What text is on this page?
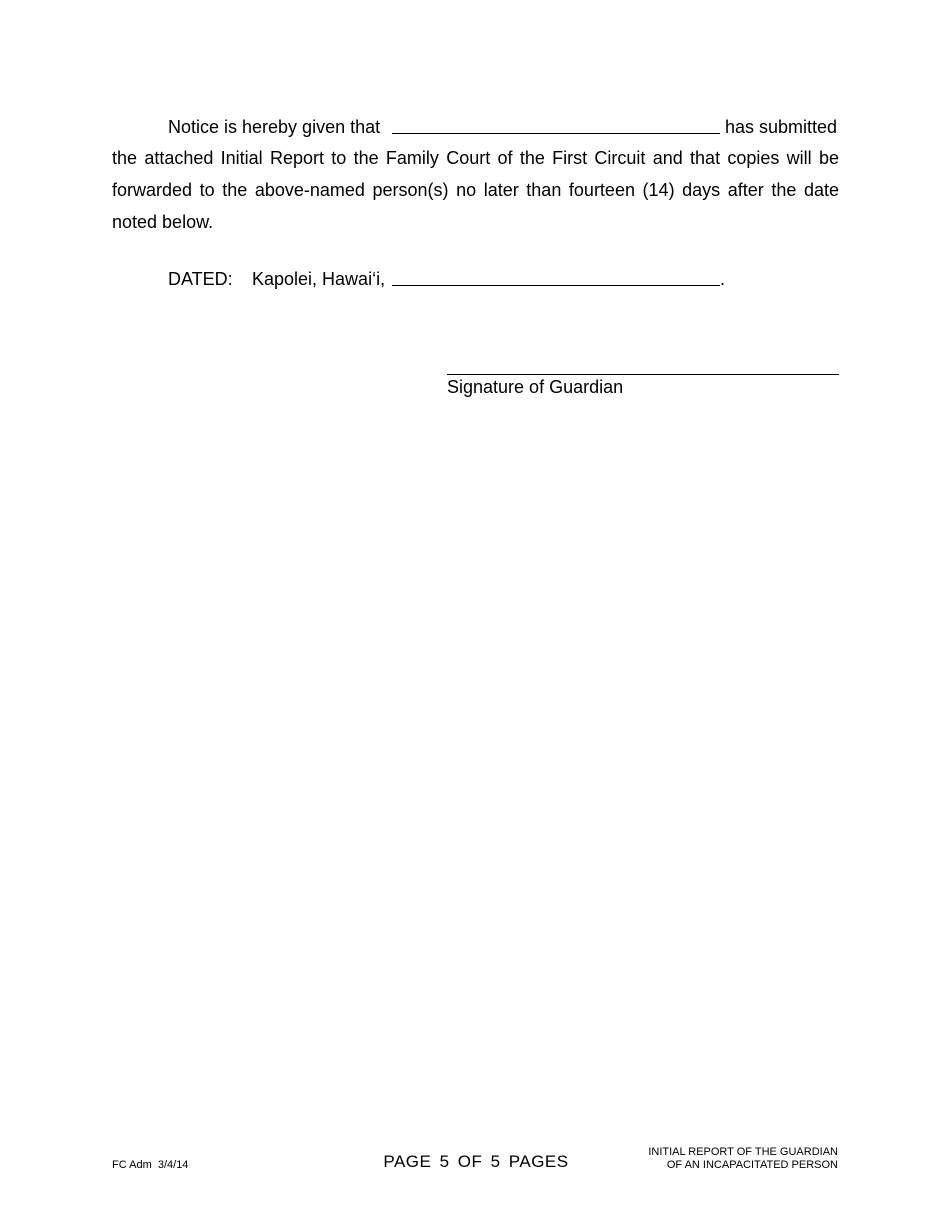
Notice is hereby given that	has submitted
the attached Initial Report to the Family Court of the First Circuit and that copies will be forwarded to the above-named person(s) no later than fourteen (14) days after the date noted below.
DATED: Kapolei, Hawai‘i,	.
Signature of Guardian
FC Adm  3/4/14	PAGE 5 OF 5 PAGES	INITIAL REPORT OF THE GUARDIAN
OF AN INCAPACITATED PERSON
